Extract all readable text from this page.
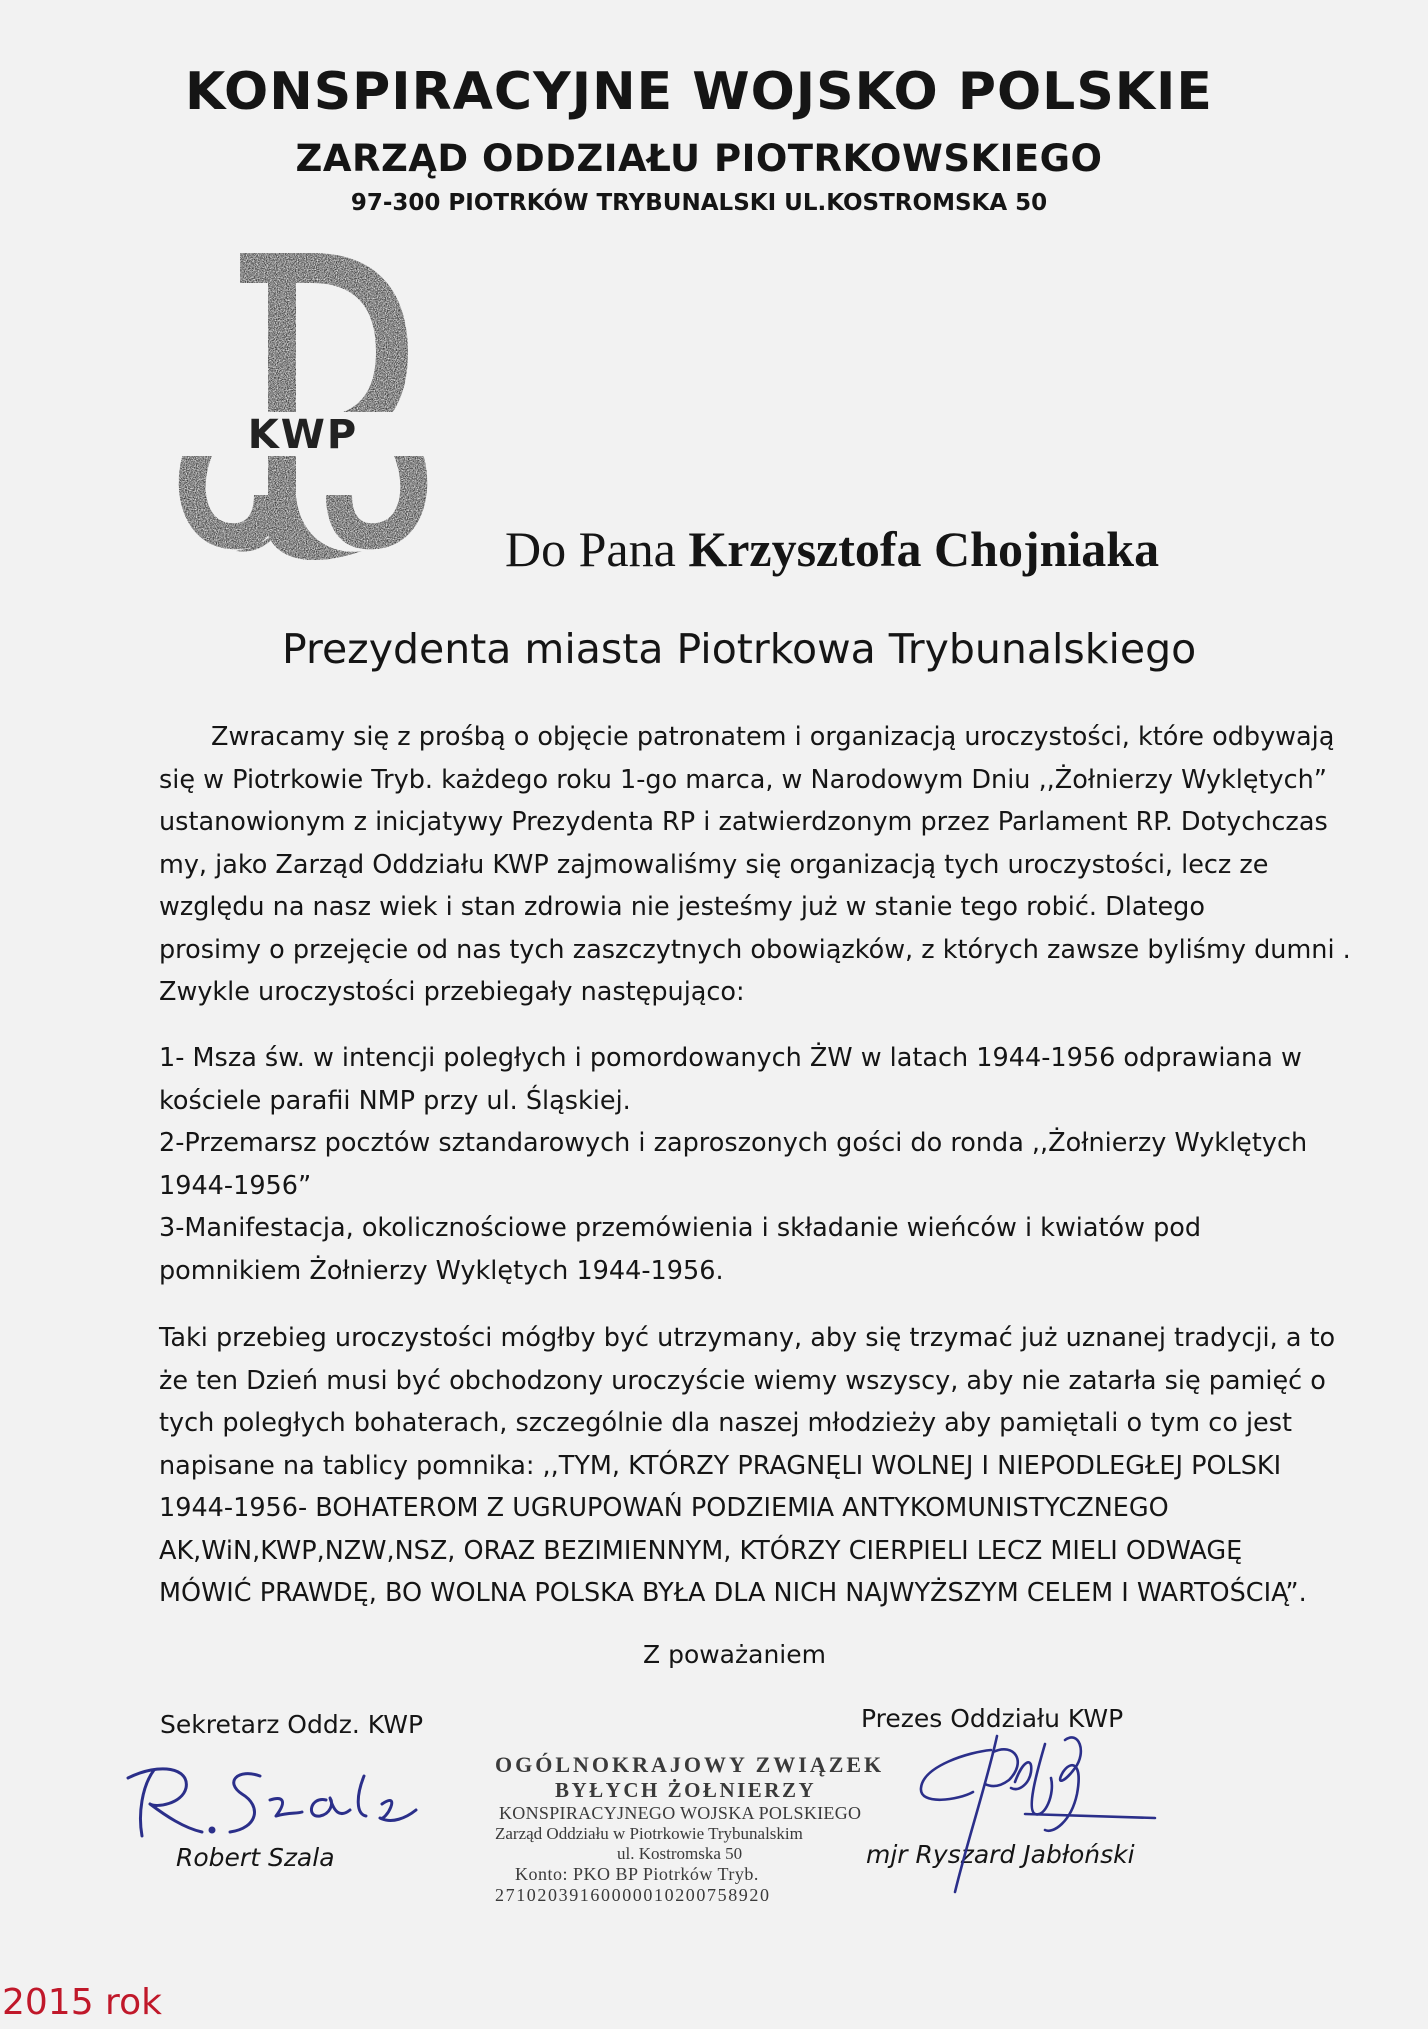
KONSPIRACYJNE WOJSKO POLSKIE
ZARZĄD ODDZIAŁU PIOTRKOWSKIEGO
97-300 PIOTRKÓW TRYBUNALSKI UL.KOSTROMSKA 50
KWP
Do Pana Krzysztofa Chojniaka
Prezydenta miasta Piotrkowa Trybunalskiego
Zwracamy się z prośbą o objęcie patronatem i organizacją uroczystości, które odbywają
się w Piotrkowie Tryb. każdego roku 1-go marca, w Narodowym Dniu ,,Żołnierzy Wyklętych”
ustanowionym z inicjatywy Prezydenta RP i zatwierdzonym przez Parlament RP. Dotychczas
my, jako Zarząd Oddziału KWP zajmowaliśmy się organizacją tych uroczystości, lecz ze
względu na nasz wiek i stan zdrowia nie jesteśmy już w stanie tego robić. Dlatego
prosimy o przejęcie od nas tych zaszczytnych obowiązków, z których zawsze byliśmy dumni .
Zwykle uroczystości przebiegały następująco:
1- Msza św. w intencji poległych i pomordowanych ŻW w latach 1944-1956 odprawiana w
kościele parafii NMP przy ul. Śląskiej.
2-Przemarsz pocztów sztandarowych i zaproszonych gości do ronda ,,Żołnierzy Wyklętych
1944-1956”
3-Manifestacja, okolicznościowe przemówienia i składanie wieńców i kwiatów pod
pomnikiem Żołnierzy Wyklętych 1944-1956.
Taki przebieg uroczystości mógłby być utrzymany, aby się trzymać już uznanej tradycji, a to
że ten Dzień musi być obchodzony uroczyście wiemy wszyscy, aby nie zatarła się pamięć o
tych poległych bohaterach, szczególnie dla naszej młodzieży aby pamiętali o tym co jest
napisane na tablicy pomnika: ,,TYM, KTÓRZY PRAGNĘLI WOLNEJ I NIEPODLEGŁEJ POLSKI
1944-1956- BOHATEROM Z UGRUPOWAŃ PODZIEMIA ANTYKOMUNISTYCZNEGO
AK,WiN,KWP,NZW,NSZ, ORAZ BEZIMIENNYM, KTÓRZY CIERPIELI LECZ MIELI ODWAGĘ
MÓWIĆ PRAWDĘ, BO WOLNA POLSKA BYŁA DLA NICH NAJWYŻSZYM CELEM I WARTOŚCIĄ”.
Z poważaniem
Sekretarz Oddz. KWP
Robert Szala
OGÓLNOKRAJOWY ZWIĄZEK
BYŁYCH ŻOŁNIERZY
KONSPIRACYJNEGO WOJSKA POLSKIEGO
Zarząd Oddziału w Piotrkowie Trybunalskim
ul. Kostromska 50
Konto: PKO BP Piotrków Tryb.
27102039160000010200758920
Prezes Oddziału KWP
mjr Ryszard Jabłoński
2015 rok
